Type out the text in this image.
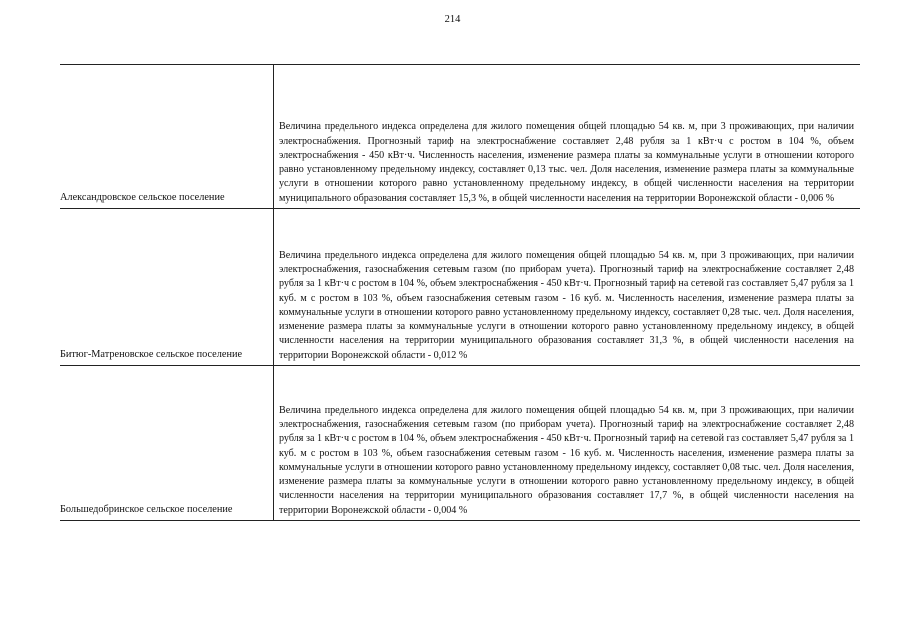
214
Александровское сельское поселение
Величина предельного индекса определена для жилого помещения общей площадью 54 кв. м, при 3 проживающих, при наличии электроснабжения. Прогнозный тариф на электроснабжение составляет 2,48 рубля за 1 кВт·ч с ростом в 104 %, объем электроснабжения - 450 кВт·ч. Численность населения, изменение размера платы за коммунальные услуги в отношении которого равно установленному предельному индексу, составляет 0,13 тыс. чел. Доля населения, изменение размера платы за коммунальные услуги в отношении которого равно установленному предельному индексу, в общей численности населения на территории муниципального образования составляет 15,3 %, в общей численности населения на территории Воронежской области - 0,006 %
Битюг-Матреновское сельское поселение
Величина предельного индекса определена для жилого помещения общей площадью 54 кв. м, при 3 проживающих, при наличии электроснабжения, газоснабжения сетевым газом (по приборам учета). Прогнозный тариф на электроснабжение составляет 2,48 рубля за 1 кВт·ч с ростом в 104 %, объем электроснабжения - 450 кВт·ч. Прогнозный тариф на сетевой газ составляет 5,47 рубля за 1 куб. м с ростом в 103 %, объем газоснабжения сетевым газом - 16 куб. м. Численность населения, изменение размера платы за коммунальные услуги в отношении которого равно установленному предельному индексу, составляет 0,28 тыс. чел. Доля населения, изменение размера платы за коммунальные услуги в отношении которого равно установленному предельному индексу, в общей численности населения на территории муниципального образования составляет 31,3 %, в общей численности населения на территории Воронежской области - 0,012 %
Большедобринское сельское поселение
Величина предельного индекса определена для жилого помещения общей площадью 54 кв. м, при 3 проживающих, при наличии электроснабжения, газоснабжения сетевым газом (по приборам учета). Прогнозный тариф на электроснабжение составляет 2,48 рубля за 1 кВт·ч с ростом в 104 %, объем электроснабжения - 450 кВт·ч. Прогнозный тариф на сетевой газ составляет 5,47 рубля за 1 куб. м с ростом в 103 %, объем газоснабжения сетевым газом - 16 куб. м. Численность населения, изменение размера платы за коммунальные услуги в отношении которого равно установленному предельному индексу, составляет 0,08 тыс. чел. Доля населения, изменение размера платы за коммунальные услуги в отношении которого равно установленному предельному индексу, в общей численности населения на территории муниципального образования составляет 17,7 %, в общей численности населения на территории Воронежской области - 0,004 %
